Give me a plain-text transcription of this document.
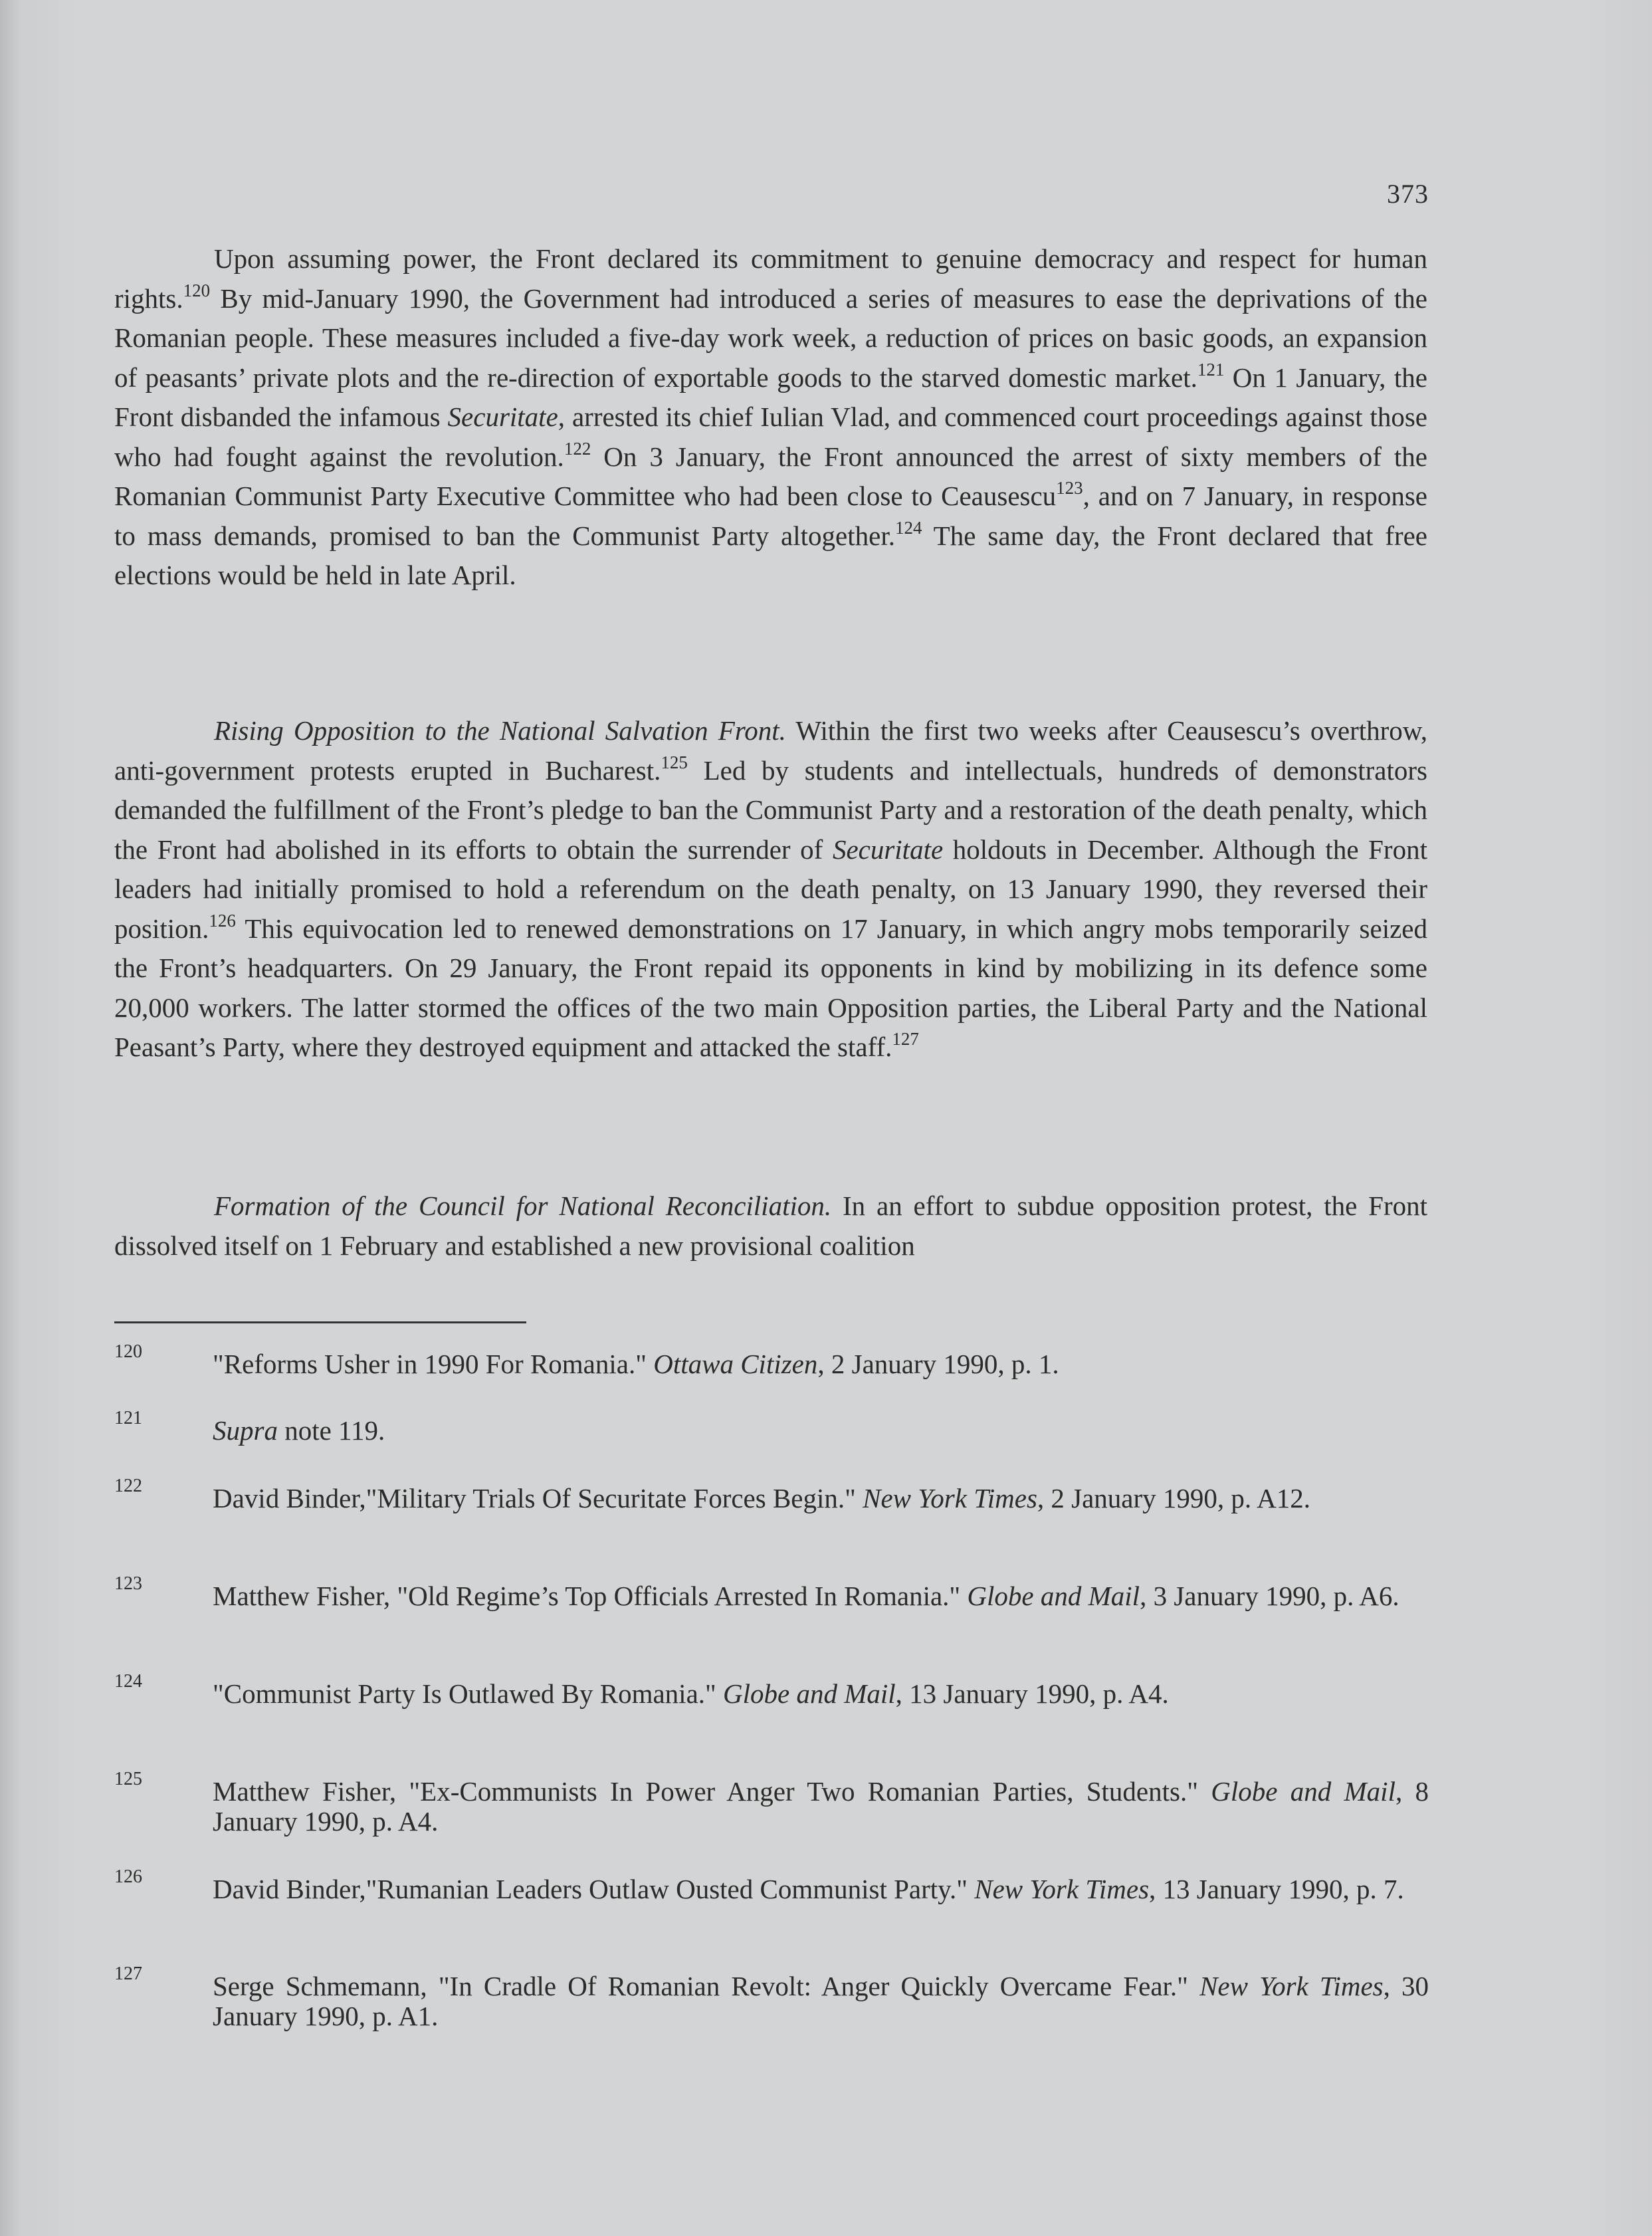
373

Upon assuming power, the Front declared its commitment to genuine democracy and respect for human rights.$^{120}$ By mid-January 1990, the Government had introduced a series of measures to ease the deprivations of the Romanian people. These measures included a five-day work week, a reduction of prices on basic goods, an expansion of peasants’ private plots and the re-direction of exportable goods to the starved domestic market.$^{121}$ On 1 January, the Front disbanded the infamous Securitate, arrested its chief Iulian Vlad, and commenced court proceedings against those who had fought against the revolution.$^{122}$ On 3 January, the Front announced the arrest of sixty members of the Romanian Communist Party Executive Committee who had been close to Ceausescu$^{123}$, and on 7 January, in response to mass demands, promised to ban the Communist Party altogether.$^{124}$ The same day, the Front declared that free elections would be held in late April.

Rising Opposition to the National Salvation Front. Within the first two weeks after Ceausescu’s overthrow, anti-government protests erupted in Bucharest.$^{125}$ Led by students and intellectuals, hundreds of demonstrators demanded the fulfillment of the Front’s pledge to ban the Communist Party and a restoration of the death penalty, which the Front had abolished in its efforts to obtain the surrender of Securitate holdouts in December. Although the Front leaders had initially promised to hold a referendum on the death penalty, on 13 January 1990, they reversed their position.$^{126}$ This equivocation led to renewed demonstrations on 17 January, in which angry mobs temporarily seized the Front’s headquarters. On 29 January, the Front repaid its opponents in kind by mobilizing in its defence some 20,000 workers. The latter stormed the offices of the two main Opposition parties, the Liberal Party and the National Peasant’s Party, where they destroyed equipment and attacked the staff.$^{127}$

Formation of the Council for National Reconciliation. In an effort to subdue opposition protest, the Front dissolved itself on 1 February and established a new provisional coalition

120	"Reforms Usher in 1990 For Romania." Ottawa Citizen, 2 January 1990, p. 1.
121	Supra note 119.
122	David Binder,"Military Trials Of Securitate Forces Begin." New York Times, 2 January 1990, p. A12.
123	Matthew Fisher, "Old Regime’s Top Officials Arrested In Romania." Globe and Mail, 3 January 1990, p. A6.
124	"Communist Party Is Outlawed By Romania." Globe and Mail, 13 January 1990, p. A4.
125	Matthew Fisher, "Ex-Communists In Power Anger Two Romanian Parties, Students." Globe and Mail, 8 January 1990, p. A4.
126	David Binder,"Rumanian Leaders Outlaw Ousted Communist Party." New York Times, 13 January 1990, p. 7.
127	Serge Schmemann, "In Cradle Of Romanian Revolt: Anger Quickly Overcame Fear." New York Times, 30 January 1990, p. A1.
